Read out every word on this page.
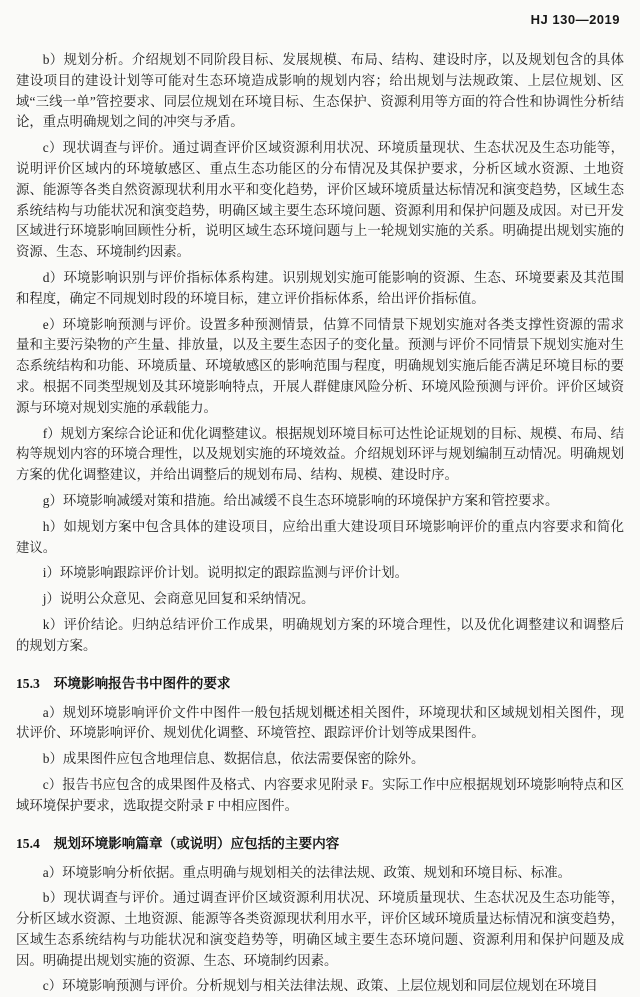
HJ 130—2019

b）规划分析。介绍规划不同阶段目标、发展规模、布局、结构、建设时序，以及规划包含的具体建设项目的建设计划等可能对生态环境造成影响的规划内容；给出规划与法规政策、上层位规划、区域“三线一单”管控要求、同层位规划在环境目标、生态保护、资源利用等方面的符合性和协调性分析结论，重点明确规划之间的冲突与矛盾。

c）现状调查与评价。通过调查评价区域资源利用状况、环境质量现状、生态状况及生态功能等，说明评价区域内的环境敏感区、重点生态功能区的分布情况及其保护要求，分析区域水资源、土地资源、能源等各类自然资源现状利用水平和变化趋势，评价区域环境质量达标情况和演变趋势，区域生态系统结构与功能状况和演变趋势，明确区域主要生态环境问题、资源利用和保护问题及成因。对已开发区域进行环境影响回顾性分析，说明区域生态环境问题与上一轮规划实施的关系。明确提出规划实施的资源、生态、环境制约因素。

d）环境影响识别与评价指标体系构建。识别规划实施可能影响的资源、生态、环境要素及其范围和程度，确定不同规划时段的环境目标，建立评价指标体系，给出评价指标值。

e）环境影响预测与评价。设置多种预测情景，估算不同情景下规划实施对各类支撑性资源的需求量和主要污染物的产生量、排放量，以及主要生态因子的变化量。预测与评价不同情景下规划实施对生态系统结构和功能、环境质量、环境敏感区的影响范围与程度，明确规划实施后能否满足环境目标的要求。根据不同类型规划及其环境影响特点，开展人群健康风险分析、环境风险预测与评价。评价区域资源与环境对规划实施的承载能力。

f）规划方案综合论证和优化调整建议。根据规划环境目标可达性论证规划的目标、规模、布局、结构等规划内容的环境合理性，以及规划实施的环境效益。介绍规划环评与规划编制互动情况。明确规划方案的优化调整建议，并给出调整后的规划布局、结构、规模、建设时序。

g）环境影响减缓对策和措施。给出减缓不良生态环境影响的环境保护方案和管控要求。

h）如规划方案中包含具体的建设项目，应给出重大建设项目环境影响评价的重点内容要求和简化建议。

i）环境影响跟踪评价计划。说明拟定的跟踪监测与评价计划。

j）说明公众意见、会商意见回复和采纳情况。

k）评价结论。归纳总结评价工作成果，明确规划方案的环境合理性，以及优化调整建议和调整后的规划方案。

15.3 环境影响报告书中图件的要求

a）规划环境影响评价文件中图件一般包括规划概述相关图件，环境现状和区域规划相关图件，现状评价、环境影响评价、规划优化调整、环境管控、跟踪评价计划等成果图件。

b）成果图件应包含地理信息、数据信息，依法需要保密的除外。

c）报告书应包含的成果图件及格式、内容要求见附录 F。实际工作中应根据规划环境影响特点和区域环境保护要求，选取提交附录 F 中相应图件。

15.4 规划环境影响篇章（或说明）应包括的主要内容

a）环境影响分析依据。重点明确与规划相关的法律法规、政策、规划和环境目标、标准。

b）现状调查与评价。通过调查评价区域资源利用状况、环境质量现状、生态状况及生态功能等，分析区域水资源、土地资源、能源等各类资源现状利用水平，评价区域环境质量达标情况和演变趋势，区域生态系统结构与功能状况和演变趋势等，明确区域主要生态环境问题、资源利用和保护问题及成因。明确提出规划实施的资源、生态、环境制约因素。

c）环境影响预测与评价。分析规划与相关法律法规、政策、上层位规划和同层位规划在环境目
